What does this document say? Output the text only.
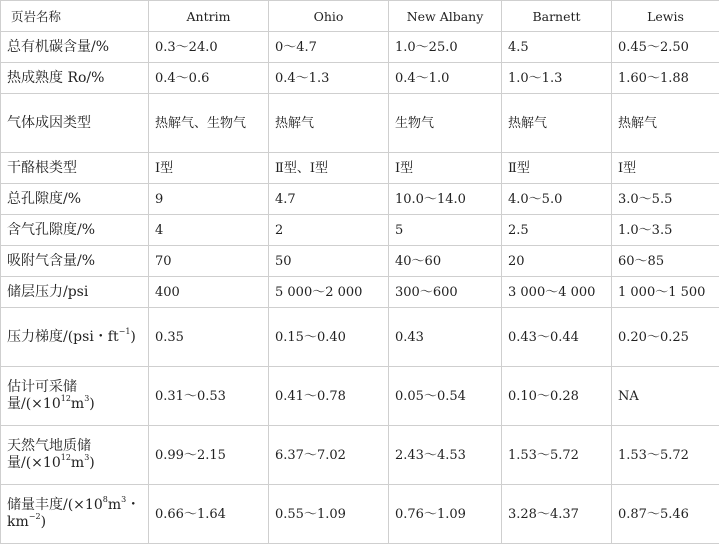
页岩名称	Antrim	Ohio	New Albany	Barnett	Lewis
总有机碳含量/%	0.3～24.0	0～4.7	1.0～25.0	4.5	0.45～2.50
热成熟度 Ro/%	0.4～0.6	0.4～1.3	0.4～1.0	1.0～1.3	1.60～1.88
气体成因类型	热解气、生物气	热解气	生物气	热解气	热解气
干酪根类型	Ⅰ型	Ⅱ型、Ⅰ型	Ⅰ型	Ⅱ型	Ⅰ型
总孔隙度/%	9	4.7	10.0～14.0	4.0～5.0	3.0～5.5
含气孔隙度/%	4	2	5	2.5	1.0～3.5
吸附气含量/%	70	50	40～60	20	60～85
储层压力/psi	400	5 000～2 000	300～600	3 000～4 000	1 000～1 500
压力梯度/(psi・$ft^{-1}$)	0.35	0.15～0.40	0.43	0.43～0.44	0.20～0.25
估计可采储量$/(\times 10^{12}m^3)$	0.31～0.53	0.41～0.78	0.05～0.54	0.10～0.28	NA
天然气地质储量$/(\times 10^{12}m^3)$	0.99～2.15	6.37～7.02	2.43～4.53	1.53～5.72	1.53～5.72
储量丰度$/(\times 10^8m^3$・$km^{-2}$)	0.66～1.64	0.55～1.09	0.76～1.09	3.28～4.37	0.87～5.46
